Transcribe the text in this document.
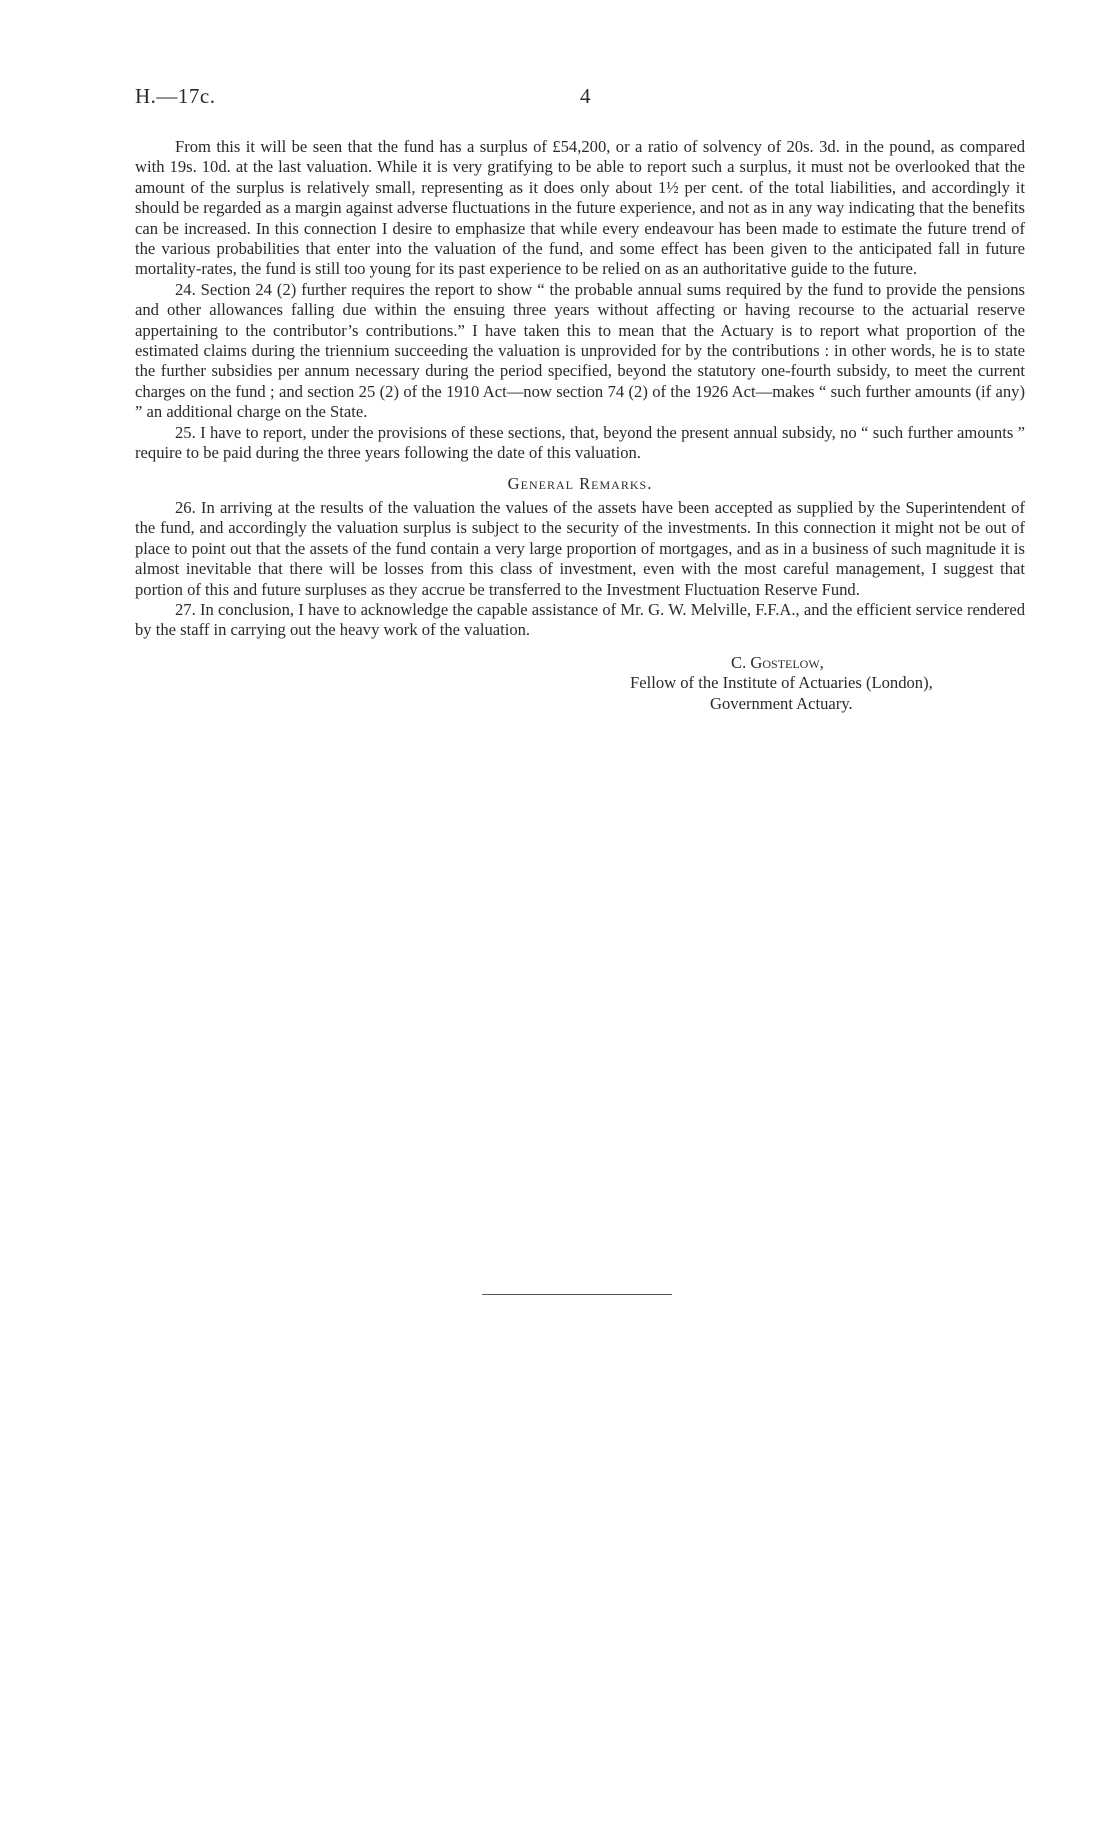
H.—17c.	4

From this it will be seen that the fund has a surplus of £54,200, or a ratio of solvency of 20s. 3d. in the pound, as compared with 19s. 10d. at the last valuation. While it is very gratifying to be able to report such a surplus, it must not be overlooked that the amount of the surplus is relatively small, representing as it does only about 1½ per cent. of the total liabilities, and accordingly it should be regarded as a margin against adverse fluctuations in the future experience, and not as in any way indicating that the benefits can be increased. In this connection I desire to emphasize that while every endeavour has been made to estimate the future trend of the various probabilities that enter into the valuation of the fund, and some effect has been given to the anticipated fall in future mortality-rates, the fund is still too young for its past experience to be relied on as an authoritative guide to the future.

24. Section 24 (2) further requires the report to show “ the probable annual sums required by the fund to provide the pensions and other allowances falling due within the ensuing three years without affecting or having recourse to the actuarial reserve appertaining to the contributor’s contributions.” I have taken this to mean that the Actuary is to report what proportion of the estimated claims during the triennium succeeding the valuation is unprovided for by the contributions : in other words, he is to state the further subsidies per annum necessary during the period specified, beyond the statutory one-fourth subsidy, to meet the current charges on the fund ; and section 25 (2) of the 1910 Act—now section 74 (2) of the 1926 Act—makes “ such further amounts (if any) ” an additional charge on the State.

25. I have to report, under the provisions of these sections, that, beyond the present annual subsidy, no “ such further amounts ” require to be paid during the three years following the date of this valuation.

General Remarks.

26. In arriving at the results of the valuation the values of the assets have been accepted as supplied by the Superintendent of the fund, and accordingly the valuation surplus is subject to the security of the investments. In this connection it might not be out of place to point out that the assets of the fund contain a very large proportion of mortgages, and as in a business of such magnitude it is almost inevitable that there will be losses from this class of investment, even with the most careful management, I suggest that portion of this and future surpluses as they accrue be transferred to the Investment Fluctuation Reserve Fund.

27. In conclusion, I have to acknowledge the capable assistance of Mr. G. W. Melville, F.F.A., and the efficient service rendered by the staff in carrying out the heavy work of the valuation.

C. Gostelow,
Fellow of the Institute of Actuaries (London),
Government Actuary.
